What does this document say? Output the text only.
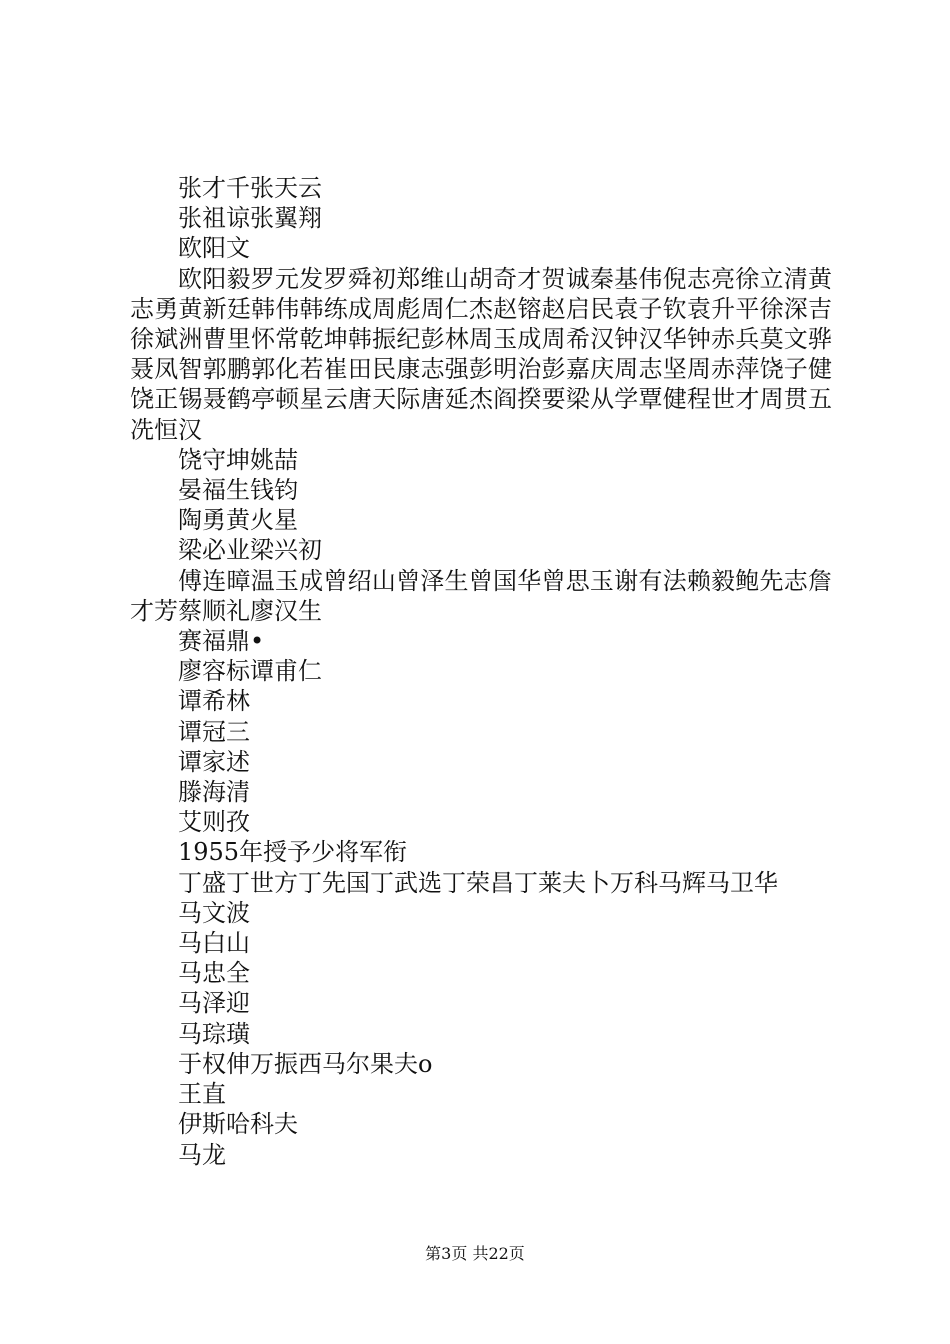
张才千张天云

张祖谅张翼翔

欧阳文

欧阳毅罗元发罗舜初郑维山胡奇才贺诚秦基伟倪志亮徐立清黄志勇黄新廷韩伟韩练成周彪周仁杰赵镕赵启民袁子钦袁升平徐深吉徐斌洲曹里怀常乾坤韩振纪彭林周玉成周希汉钟汉华钟赤兵莫文骅聂凤智郭鹏郭化若崔田民康志强彭明治彭嘉庆周志坚周赤萍饶子健饶正锡聂鹤亭顿星云唐天际唐延杰阎揆要梁从学覃健程世才周贯五冼恒汉

饶守坤姚喆

晏福生钱钧

陶勇黄火星

梁必业梁兴初

傅连暲温玉成曾绍山曾泽生曾国华曾思玉谢有法赖毅鲍先志詹才芳蔡顺礼廖汉生

赛福鼎•

廖容标谭甫仁

谭希林

谭冠三

谭家述

滕海清

艾则孜

1955年授予少将军衔

丁盛丁世方丁先国丁武选丁荣昌丁莱夫卜万科马辉马卫华

马文波

马白山

马忠全

马泽迎

马琮璜

于权伸万振西马尔果夫o

王直

伊斯哈科夫

马龙

第3页 共22页
